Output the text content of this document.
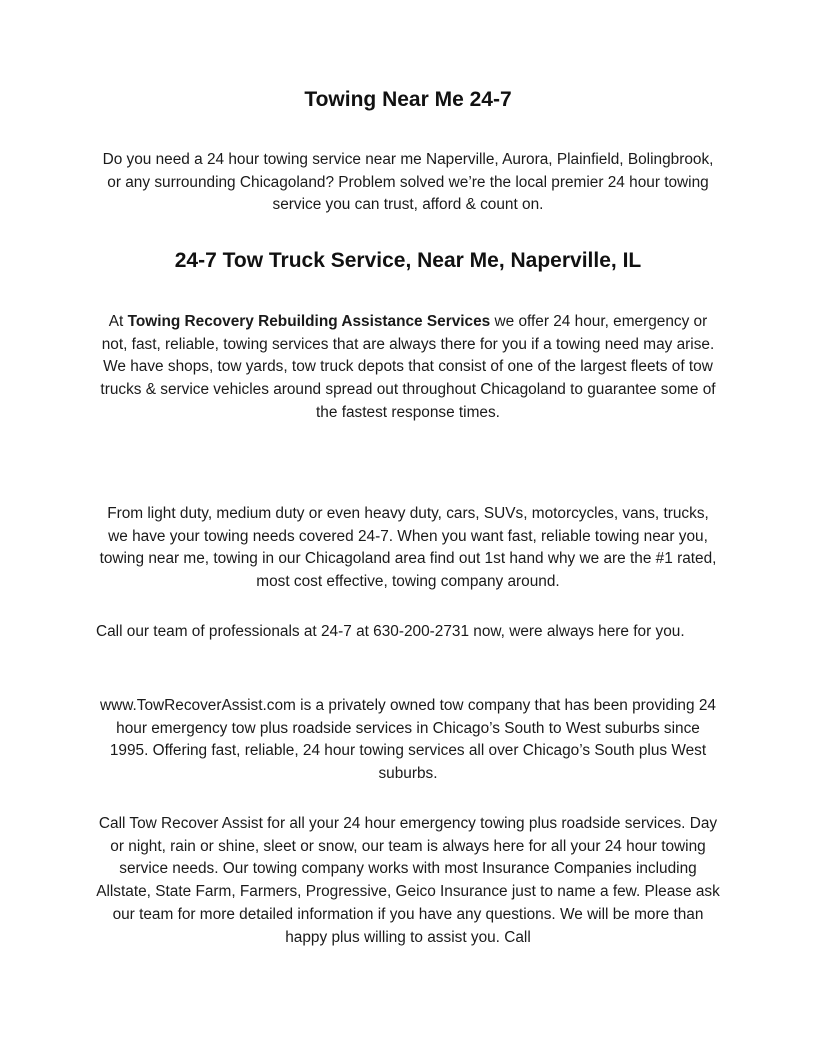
Towing Near Me 24-7

Do you need a 24 hour towing service near me Naperville, Aurora, Plainfield, Bolingbrook, or any surrounding Chicagoland? Problem solved we’re the local premier 24 hour towing service you can trust, afford & count on.

24-7 Tow Truck Service, Near Me, Naperville, IL

At Towing Recovery Rebuilding Assistance Services we offer 24 hour, emergency or not, fast, reliable, towing services that are always there for you if a towing need may arise. We have shops, tow yards, tow truck depots that consist of one of the largest fleets of tow trucks & service vehicles around spread out throughout Chicagoland to guarantee some of the fastest response times.

From light duty, medium duty or even heavy duty, cars, SUVs, motorcycles, vans, trucks, we have your towing needs covered 24-7. When you want fast, reliable towing near you, towing near me, towing in our Chicagoland area find out 1st hand why we are the #1 rated, most cost effective, towing company around.

Call our team of professionals at 24-7 at 630-200-2731 now, were always here for you.

www.TowRecoverAssist.com is a privately owned tow company that has been providing 24 hour emergency tow plus roadside services in Chicago’s South to West suburbs since 1995. Offering fast, reliable, 24 hour towing services all over Chicago’s South plus West suburbs.

Call Tow Recover Assist for all your 24 hour emergency towing plus roadside services. Day or night, rain or shine, sleet or snow, our team is always here for all your 24 hour towing service needs. Our towing company works with most Insurance Companies including Allstate, State Farm, Farmers, Progressive, Geico Insurance just to name a few. Please ask our team for more detailed information if you have any questions. We will be more than happy plus willing to assist you. Call
